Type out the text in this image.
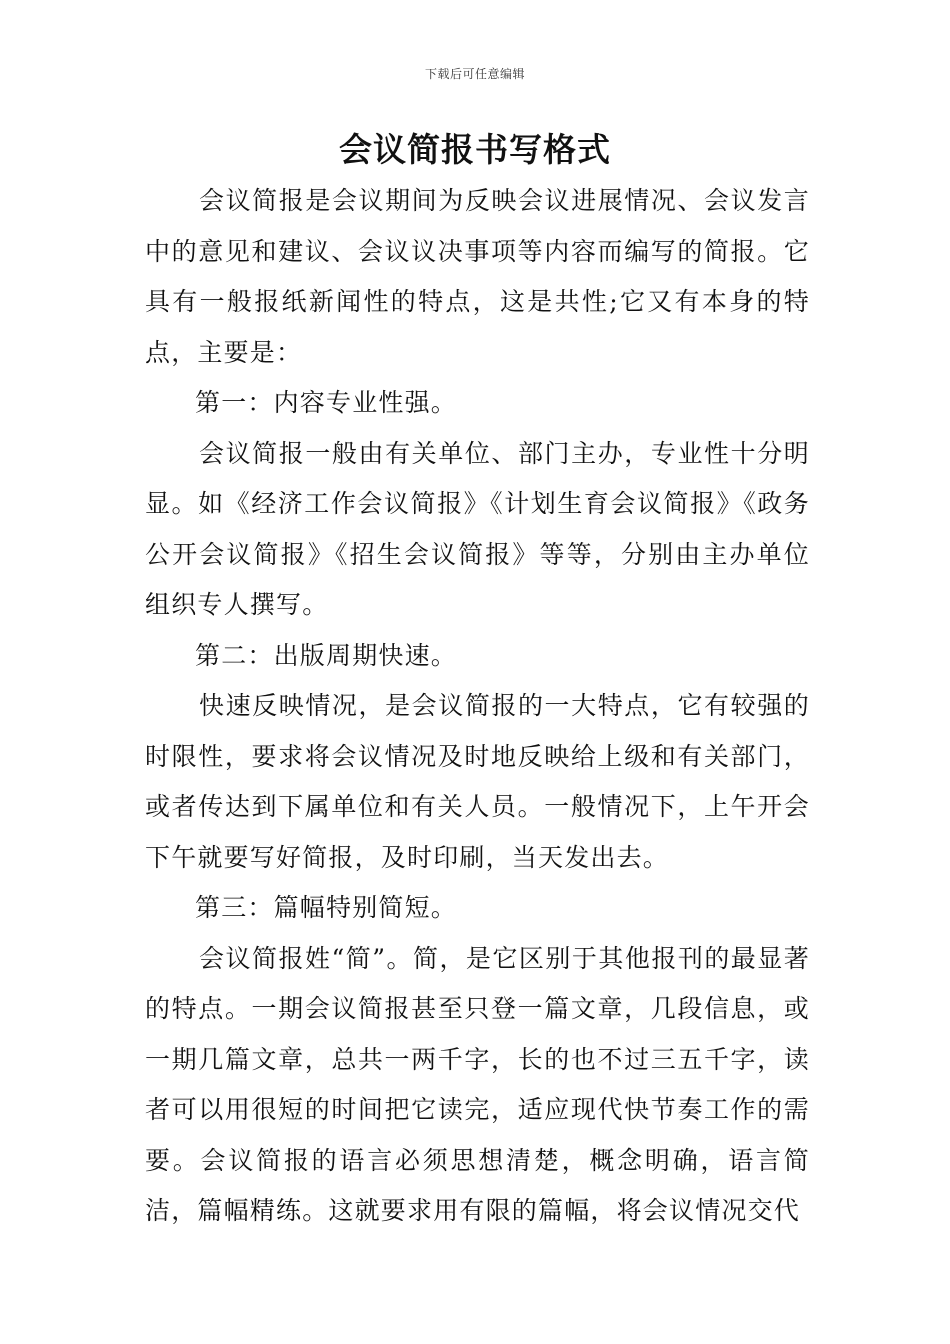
下载后可任意编辑
会议简报书写格式

会议简报是会议期间为反映会议进展情况、会议发言中的意见和建议、会议议决事项等内容而编写的简报。它具有一般报纸新闻性的特点，这是共性;它又有本身的特点，主要是：

第一：内容专业性强。

会议简报一般由有关单位、部门主办，专业性十分明显。如《经济工作会议简报》《计划生育会议简报》《政务公开会议简报》《招生会议简报》等等，分别由主办单位组织专人撰写。

第二：出版周期快速。

快速反映情况，是会议简报的一大特点，它有较强的时限性，要求将会议情况及时地反映给上级和有关部门，或者传达到下属单位和有关人员。一般情况下，上午开会下午就要写好简报，及时印刷，当天发出去。

第三：篇幅特别简短。

会议简报姓“简”。简，是它区别于其他报刊的最显著的特点。一期会议简报甚至只登一篇文章，几段信息，或一期几篇文章，总共一两千字，长的也不过三五千字，读者可以用很短的时间把它读完，适应现代快节奏工作的需要。会议简报的语言必须思想清楚，概念明确，语言简洁，篇幅精练。这就要求用有限的篇幅，将会议情况交代
